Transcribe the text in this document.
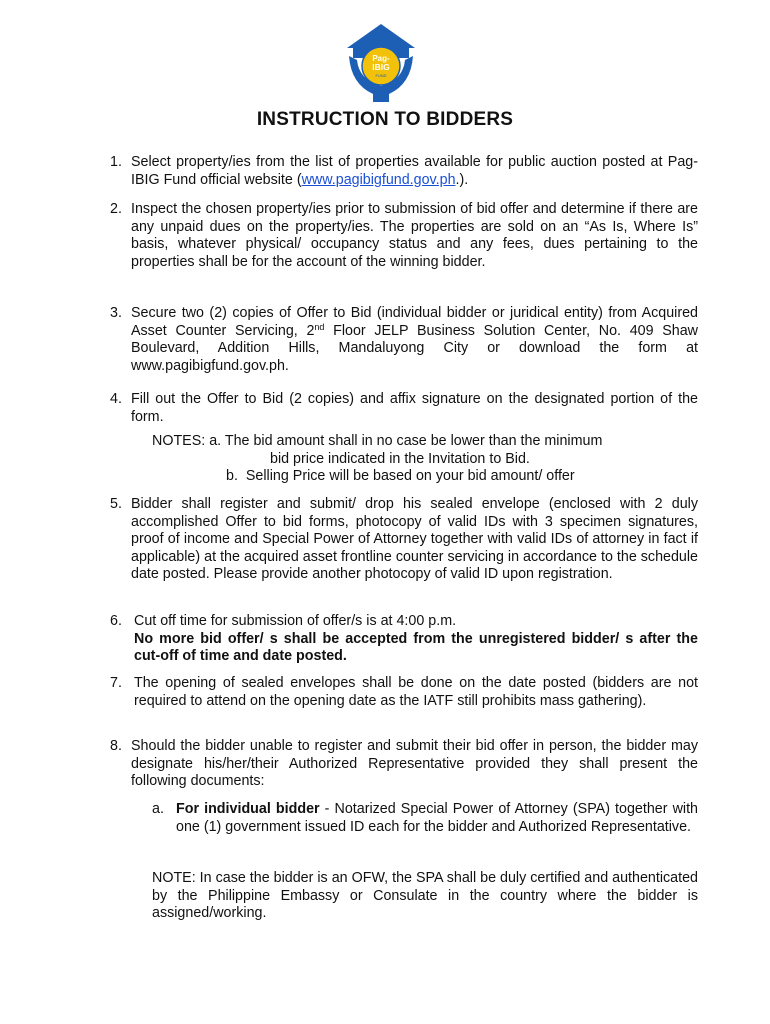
Pag-
IBIG
FUND
INSTRUCTION TO BIDDERS
1. Select property/ies from the list of properties available for public auction posted at Pag-IBIG Fund official website (www.pagibigfund.gov.ph.).
2. Inspect the chosen property/ies prior to submission of bid offer and determine if there are any unpaid dues on the property/ies. The properties are sold on an “As Is, Where Is” basis, whatever physical/ occupancy status and any fees, dues pertaining to the properties shall be for the account of the winning bidder.
3. Secure two (2) copies of Offer to Bid (individual bidder or juridical entity) from Acquired Asset Counter Servicing, 2nd Floor JELP Business Solution Center, No. 409 Shaw Boulevard, Addition Hills, Mandaluyong City or download the form at www.pagibigfund.gov.ph.
4. Fill out the Offer to Bid (2 copies) and affix signature on the designated portion of the form.
NOTES: a. The bid amount shall in no case be lower than the minimum
bid price indicated in the Invitation to Bid.
b. Selling Price will be based on your bid amount/ offer
5. Bidder shall register and submit/ drop his sealed envelope (enclosed with 2 duly accomplished Offer to bid forms, photocopy of valid IDs with 3 specimen signatures, proof of income and Special Power of Attorney together with valid IDs of attorney in fact if applicable) at the acquired asset frontline counter servicing in accordance to the schedule date posted. Please provide another photocopy of valid ID upon registration.
6. Cut off time for submission of offer/s is at 4:00 p.m.
No more bid offer/ s shall be accepted from the unregistered bidder/ s after the cut-off of time and date posted.
7. The opening of sealed envelopes shall be done on the date posted (bidders are not required to attend on the opening date as the IATF still prohibits mass gathering).
8. Should the bidder unable to register and submit their bid offer in person, the bidder may designate his/her/their Authorized Representative provided they shall present the following documents:
a. For individual bidder - Notarized Special Power of Attorney (SPA) together with one (1) government issued ID each for the bidder and Authorized Representative.
NOTE: In case the bidder is an OFW, the SPA shall be duly certified and authenticated by the Philippine Embassy or Consulate in the country where the bidder is assigned/working.
